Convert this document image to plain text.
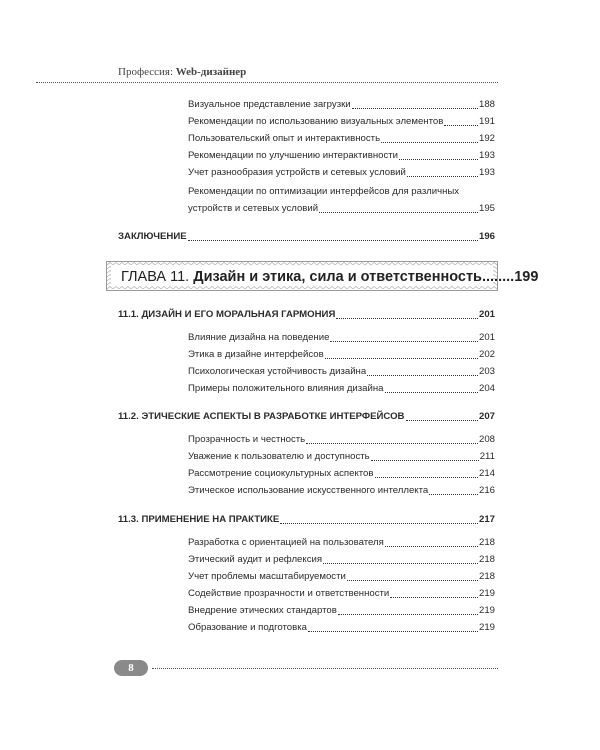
Профессия: Web-дизайнер
Визуальное представление загрузки	188
Рекомендации по использованию визуальных элементов	191
Пользовательский опыт и интерактивность	192
Рекомендации по улучшению интерактивности	193
Учет разнообразия устройств и сетевых условий	193
Рекомендации по оптимизации интерфейсов для различных
устройств и сетевых условий	195
ЗАКЛЮЧЕНИЕ	196
ГЛАВА 11. Дизайн и этика, сила и ответственность........199
11.1. ДИЗАЙН И ЕГО МОРАЛЬНАЯ ГАРМОНИЯ	201
Влияние дизайна на поведение	201
Этика в дизайне интерфейсов	202
Психологическая устойчивость дизайна	203
Примеры положительного влияния дизайна	204
11.2. ЭТИЧЕСКИЕ АСПЕКТЫ В РАЗРАБОТКЕ ИНТЕРФЕЙСОВ	207
Прозрачность и честность	208
Уважение к пользователю и доступность	211
Рассмотрение социокультурных аспектов	214
Этическое использование искусственного интеллекта	216
11.3. ПРИМЕНЕНИЕ НА ПРАКТИКЕ	217
Разработка с ориентацией на пользователя	218
Этический аудит и рефлексия	218
Учет проблемы масштабируемости	218
Содействие прозрачности и ответственности	219
Внедрение этических стандартов	219
Образование и подготовка	219
8
